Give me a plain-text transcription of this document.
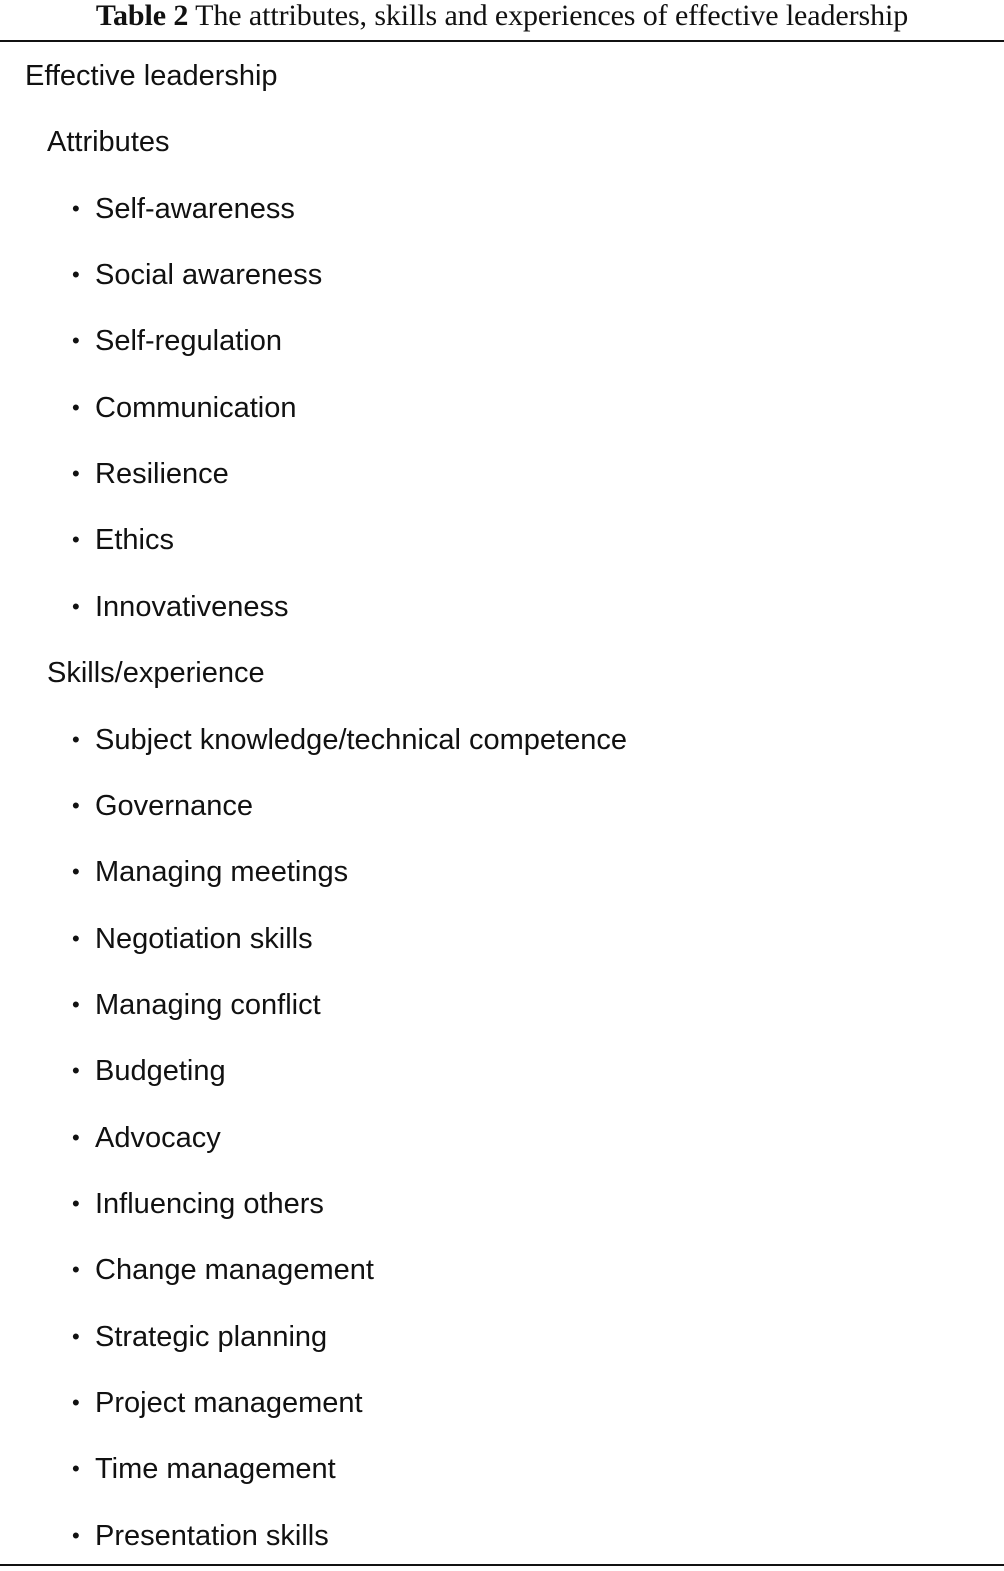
Table 2 The attributes, skills and experiences of effective leadership
Effective leadership
Attributes
• Self-awareness
• Social awareness
• Self-regulation
• Communication
• Resilience
• Ethics
• Innovativeness
Skills/experience
• Subject knowledge/technical competence
• Governance
• Managing meetings
• Negotiation skills
• Managing conflict
• Budgeting
• Advocacy
• Influencing others
• Change management
• Strategic planning
• Project management
• Time management
• Presentation skills
